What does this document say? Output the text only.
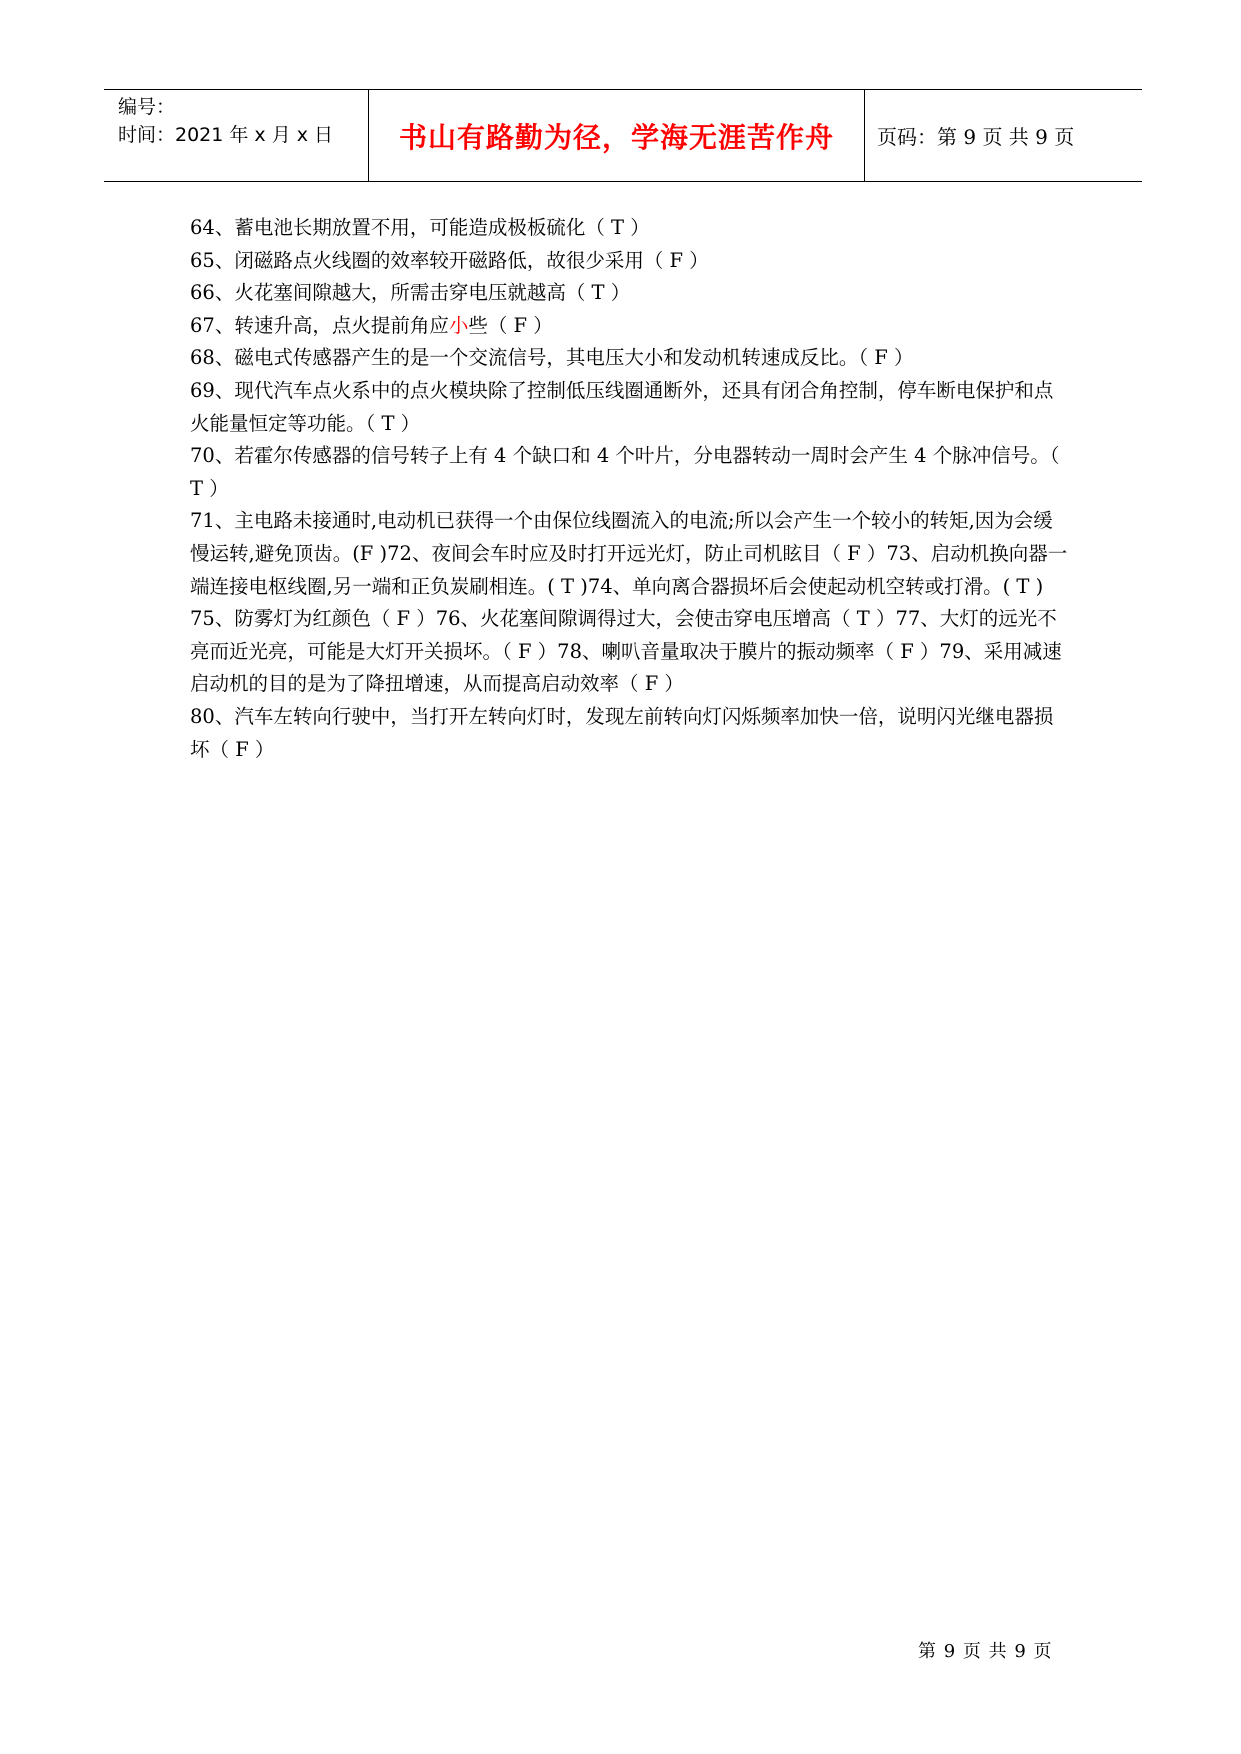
编号：
时间：2021 年 x 月 x 日	书山有路勤为径，学海无涯苦作舟 页码：第 9 页 共 9 页

64、蓄电池长期放置不用，可能造成极板硫化（ T ）

65、闭磁路点火线圈的效率较开磁路低，故很少采用（ F ）

66、火花塞间隙越大，所需击穿电压就越高（ T ）

67、转速升高，点火提前角应小些（ F ）

68、磁电式传感器产生的是一个交流信号，其电压大小和发动机转速成反比。（ F ）

69、现代汽车点火系中的点火模块除了控制低压线圈通断外，还具有闭合角控制，停车断电保护和点火能量恒定等功能。（ T ）

70、若霍尔传感器的信号转子上有 4 个缺口和 4 个叶片，分电器转动一周时会产生 4 个脉冲信号。（ T ）

71、主电路未接通时,电动机已获得一个由保位线圈流入的电流;所以会产生一个较小的转矩,因为会缓慢运转,避免顶齿。(F )72、夜间会车时应及时打开远光灯，防止司机眩目（ F ）73、启动机换向器一端连接电枢线圈,另一端和正负炭刷相连。( T )74、单向离合器损坏后会使起动机空转或打滑。( T )

75、防雾灯为红颜色（ F ）76、火花塞间隙调得过大，会使击穿电压增高（ T ）77、大灯的远光不亮而近光亮，可能是大灯开关损坏。（ F ）78、喇叭音量取决于膜片的振动频率（ F ）79、采用减速启动机的目的是为了降扭增速，从而提高启动效率（ F ）

80、汽车左转向行驶中，当打开左转向灯时，发现左前转向灯闪烁频率加快一倍，说明闪光继电器损坏（ F ）

第 9 页 共 9 页
